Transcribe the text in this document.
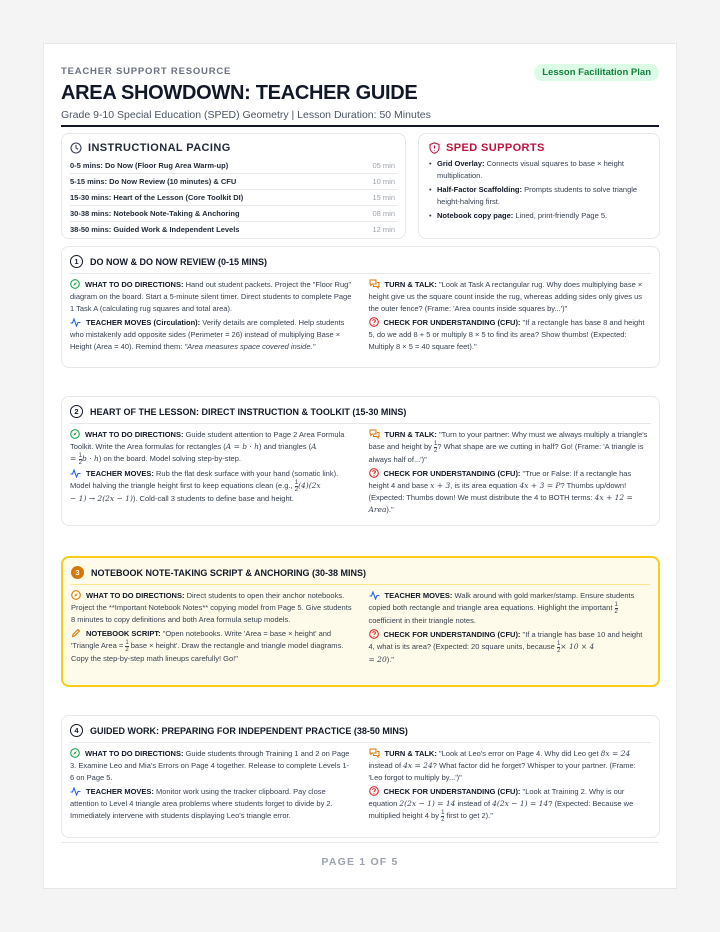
TEACHER SUPPORT RESOURCE	Lesson Facilitation Plan
AREA SHOWDOWN: TEACHER GUIDE
Grade 9-10 Special Education (SPED) Geometry | Lesson Duration: 50 Minutes
INSTRUCTIONAL PACING
0-5 mins: Do Now (Floor Rug Area Warm-up)	05 min
5-15 mins: Do Now Review (10 minutes) & CFU	10 min
15-30 mins: Heart of the Lesson (Core Toolkit DI)	15 min
30-38 mins: Notebook Note-Taking & Anchoring	08 min
38-50 mins: Guided Work & Independent Levels	12 min
SPED SUPPORTS
• Grid Overlay: Connects visual squares to base × height multiplication.
• Half-Factor Scaffolding: Prompts students to solve triangle height-halving first.
• Notebook copy page: Lined, print-friendly Page 5.
1	DO NOW & DO NOW REVIEW (0-15 MINS)

WHAT TO DO DIRECTIONS: Hand out student packets. Project the "Floor Rug" diagram on the board. Start a 5-minute silent timer. Direct students to complete Page 1 Task A (calculating rug squares and total area).

TEACHER MOVES (Circulation): Verify details are completed. Help students who mistakenly add opposite sides (Perimeter = 26) instead of multiplying Base × Height (Area = 40). Remind them: "Area measures space covered inside."

TURN & TALK: "Look at Task A rectangular rug. Why does multiplying base × height give us the square count inside the rug, whereas adding sides only gives us the outer fence? (Frame: 'Area counts inside squares by...')"

CHECK FOR UNDERSTANDING (CFU): "If a rectangle has base 8 and height 5, do we add 8 + 5 or multiply 8 × 5 to find its area? Show thumbs! (Expected: Multiply 8 × 5 = 40 square feet)."

2	HEART OF THE LESSON: DIRECT INSTRUCTION & TOOLKIT (15-30 MINS)

WHAT TO DO DIRECTIONS: Guide student attention to Page 2 Area Formula Toolkit. Write the Area formulas for rectangles (A = b · h) and triangles (A
= $\frac{1}{2}$ b · h) on the board. Model solving step-by-step.

TEACHER MOVES: Rub the flat desk surface with your hand (somatic link). Model halving the triangle height first to keep equations clean (e.g., $\frac{1}{2} (4)(2x$
− 1) → 2(2x − 1)). Cold-call 3 students to define base and height.

TURN & TALK: "Turn to your partner: Why must we always multiply a triangle's base and height by $\frac{1}{2}$ ? What shape are we cutting in half? Go! (Frame: 'A triangle is always half of...')"

CHECK FOR UNDERSTANDING (CFU): "True or False: If a rectangle has height 4 and base x + 3, is its area equation 4x + 3 = P? Thumbs up/down! (Expected: Thumbs down! We must distribute the 4 to BOTH terms: 4x + 12 = Area)."

3	NOTEBOOK NOTE-TAKING SCRIPT & ANCHORING (30-38 MINS)

WHAT TO DO DIRECTIONS: Direct students to open their anchor notebooks. Project the **Important Notebook Notes** copying model from Page 5. Give students 8 minutes to copy definitions and both Area formula setup models.

NOTEBOOK SCRIPT: "Open notebooks. Write 'Area = base × height' and 'Triangle Area = $\frac{1}{2}$ base × height'. Draw the rectangle and triangle model diagrams. Copy the step-by-step math lineups carefully! Go!"

TEACHER MOVES: Walk around with gold marker/stamp. Ensure students copied both rectangle and triangle area equations. Highlight the important $\frac{1}{2}$
coefficient in their triangle notes.

CHECK FOR UNDERSTANDING (CFU): "If a triangle has base 10 and height 4, what is its area? (Expected: 20 square units, because $\frac{1}{2} \times 10 \times 4$
= 20)."

4	GUIDED WORK: PREPARING FOR INDEPENDENT PRACTICE (38-50 MINS)

WHAT TO DO DIRECTIONS: Guide students through Training 1 and 2 on Page 3. Examine Leo and Mia's Errors on Page 4 together. Release to complete Levels 1-6 on Page 5.

TEACHER MOVES: Monitor work using the tracker clipboard. Pay close attention to Level 4 triangle area problems where students forget to divide by 2. Immediately intervene with students displaying Leo's triangle error.

TURN & TALK: "Look at Leo's error on Page 4. Why did Leo get 8x = 24 instead of 4x = 24? What factor did he forget? Whisper to your partner. (Frame: 'Leo forgot to multiply by...')"

CHECK FOR UNDERSTANDING (CFU): "Look at Training 2. Why is our equation 2(2x − 1) = 14 instead of 4(2x − 1) = 14? (Expected: Because we multiplied height 4 by $\frac{1}{2}$ first to get 2)."

PAGE 1 OF 5
